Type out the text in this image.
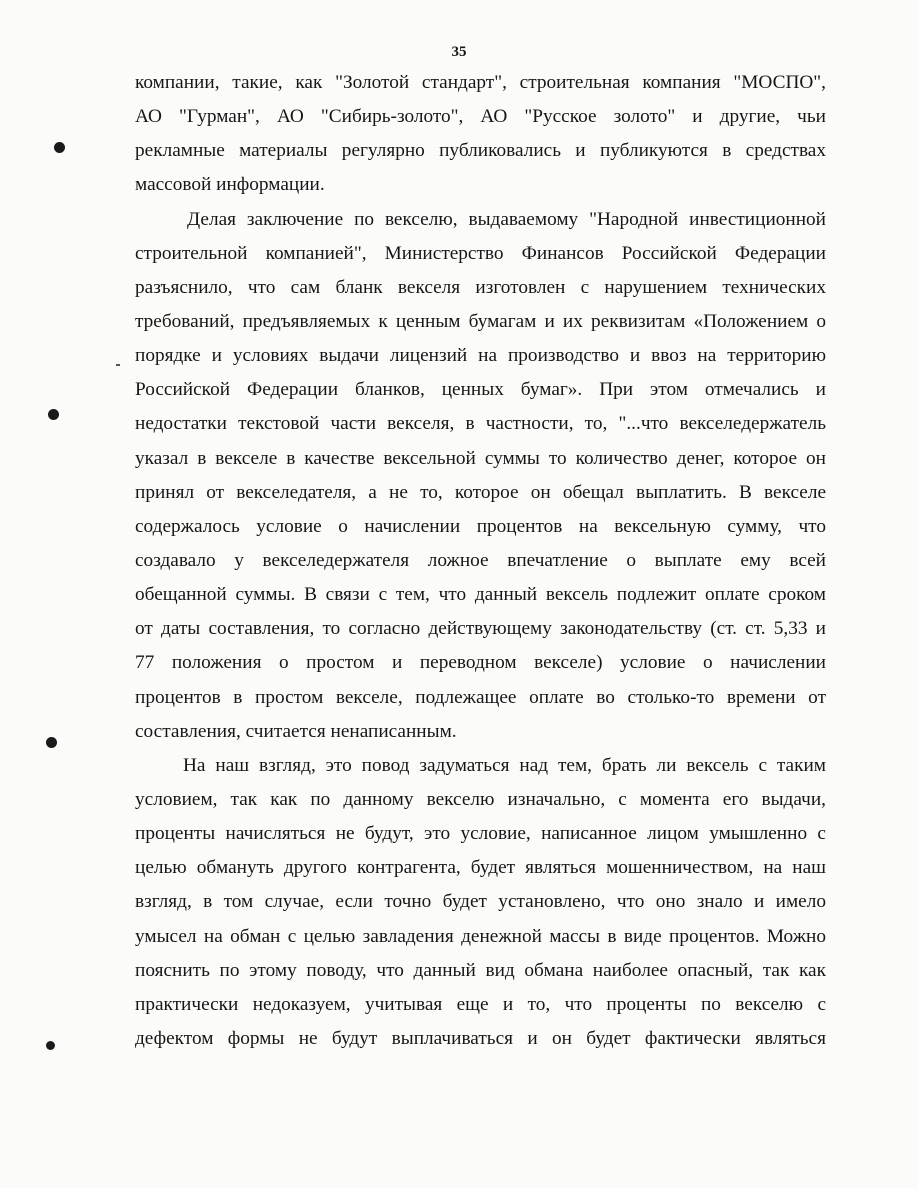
35
компании, такие, как "Золотой стандарт", строительная компания "МОСПО",
АО "Гурман", АО "Сибирь-золото", АО "Русское золото" и другие, чьи
рекламные материалы регулярно публиковались и публикуются в средствах
массовой информации.
Делая заключение по векселю, выдаваемому "Народной инвестиционной
строительной компанией", Министерство Финансов Российской Федерации
разъяснило, что сам бланк векселя изготовлен с нарушением технических
требований, предъявляемых к ценным бумагам и их реквизитам «Положением о
порядке и условиях выдачи лицензий на производство и ввоз на территорию
Российской Федерации бланков, ценных бумаг». При этом отмечались и
недостатки текстовой части векселя, в частности, то, "...что векселедержатель
указал в векселе в качестве вексельной суммы то количество денег, которое он
принял от векселедателя, а не то, которое он обещал выплатить. В векселе
содержалось условие о начислении процентов на вексельную сумму, что
создавало у векселедержателя ложное впечатление о выплате ему всей
обещанной суммы. В связи с тем, что данный вексель подлежит оплате сроком
от даты составления, то согласно действующему законодательству (ст. ст. 5,33 и
77 положения о простом и переводном векселе) условие о начислении
процентов в простом векселе, подлежащее оплате во столько-то времени от
составления, считается ненаписанным.
На наш взгляд, это повод задуматься над тем, брать ли вексель с таким
условием, так как по данному векселю изначально, с момента его выдачи,
проценты начисляться не будут, это условие, написанное лицом умышленно с
целью обмануть другого контрагента, будет являться мошенничеством, на наш
взгляд, в том случае, если точно будет установлено, что оно знало и имело
умысел на обман с целью завладения денежной массы в виде процентов. Можно
пояснить по этому поводу, что данный вид обмана наиболее опасный, так как
практически недоказуем, учитывая еще и то, что проценты по векселю с
дефектом формы не будут выплачиваться и он будет фактически являться
